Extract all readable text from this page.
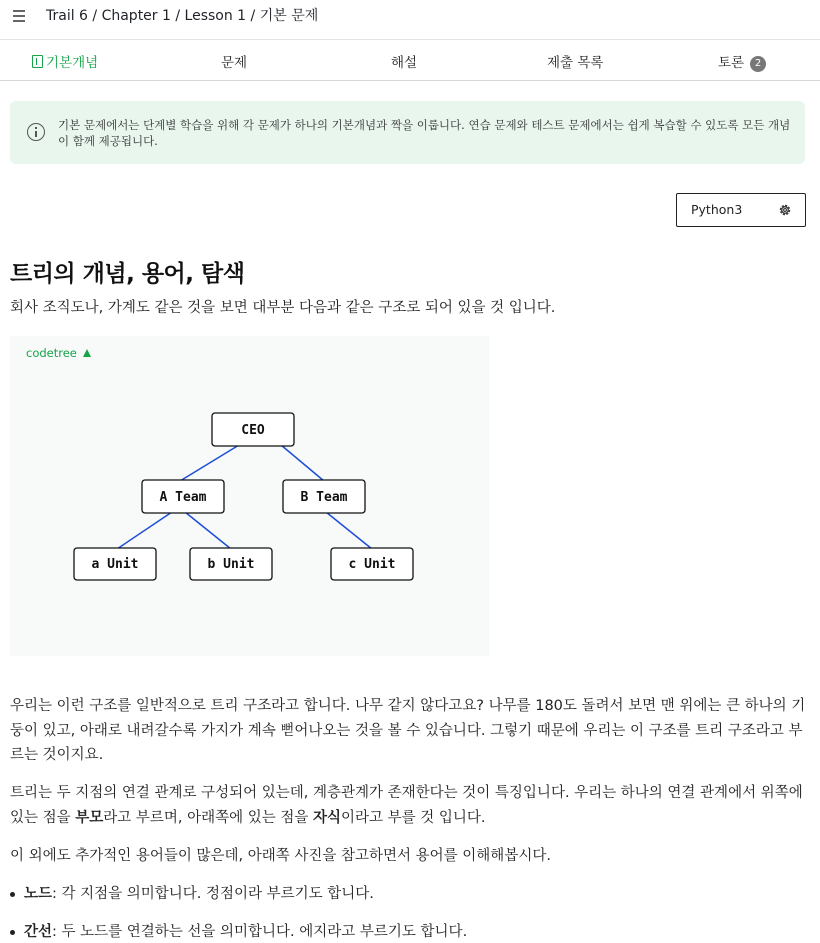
Trail 6 / Chapter 1 / Lesson 1 / 기본 문제
기본개념	문제	해설	제출 목록	토론 2
기본 문제에서는 단계별 학습을 위해 각 문제가 하나의 기본개념과 짝을 이룹니다. 연습 문제와 테스트 문제에서는 쉽게 복습할 수 있도록 모든 개념이 함께 제공됩니다.
Python3
트리의 개념, 용어, 탐색
회사 조직도나, 가계도 같은 것을 보면 대부분 다음과 같은 구조로 되어 있을 것 입니다.
codetree
CEO
A Team	B Team
a Unit	b Unit	c Unit
우리는 이런 구조를 일반적으로 트리 구조라고 합니다. 나무 같지 않다고요? 나무를 180도 돌려서 보면 맨 위에는 큰 하나의 기둥이 있고, 아래로 내려갈수록 가지가 계속 뻗어나오는 것을 볼 수 있습니다. 그렇기 때문에 우리는 이 구조를 트리 구조라고 부르는 것이지요.
트리는 두 지점의 연결 관계로 구성되어 있는데, 계층관계가 존재한다는 것이 특징입니다. 우리는 하나의 연결 관계에서 위쪽에 있는 점을 부모라고 부르며, 아래쪽에 있는 점을 자식이라고 부를 것 입니다.
이 외에도 추가적인 용어들이 많은데, 아래쪽 사진을 참고하면서 용어를 이해해봅시다.
노드: 각 지점을 의미합니다. 정점이라 부르기도 합니다.
간선: 두 노드를 연결하는 선을 의미합니다. 에지라고 부르기도 합니다.
